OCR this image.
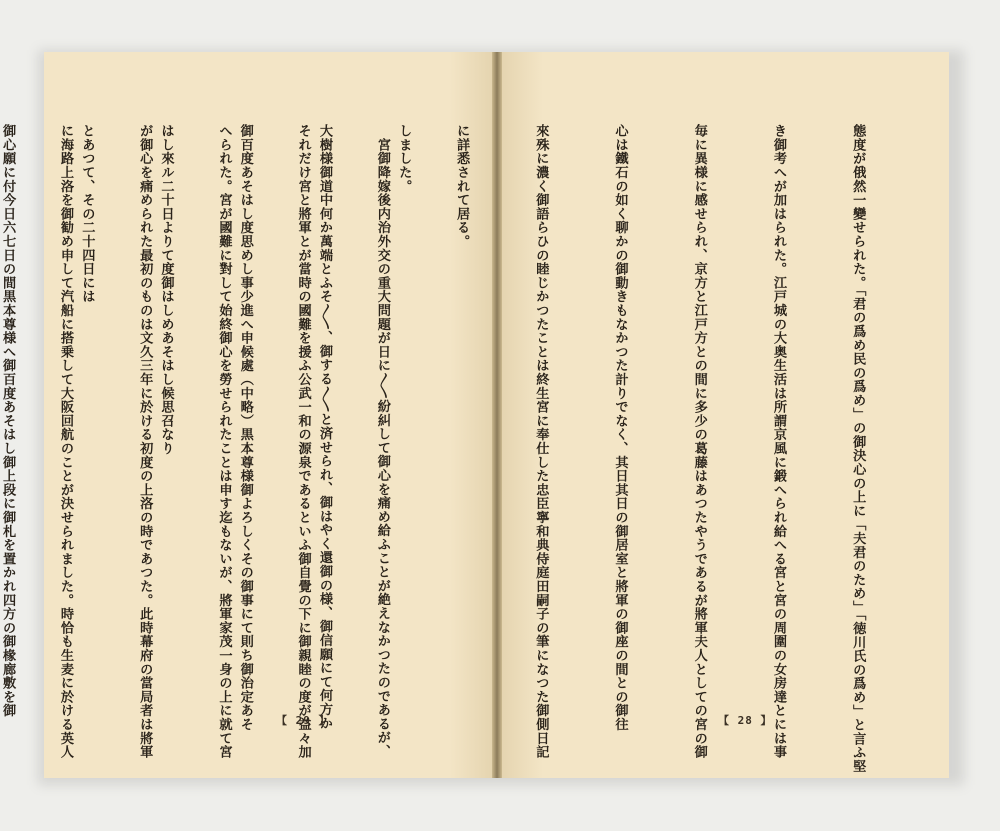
しました。

大樹様御道中何か萬端とふそ〳〵、御する〳〵と済せられ、御はやく還御の様、御信願にて何方か

御百度あそはし度思めし事少進へ申候處（中略）黒本尊様御よろしくその御事にて則ち御治定あそ

はし來ル二十日よりて度御はしめあそはし候思召なり

とあつて、その二十四日には

御心願に付今日六七日の間黒本尊様へ御百度あそはし御上段に御札を置かれ四方の御椽廊敷を御

【 29 】

	態度が俄然一變せられた。「君の爲め民の爲め」の御決心の上に「夫君のため」「徳川氏の爲め」と言ふ堅

き御考へが加はられた。江戸城の大奥生活は所謂京風に鍛へられ給へる宮と宮の周圍の女房達とには事

毎に異様に感せられ、京方と江戸方との間に多少の葛藤はあつたやうであるが將軍夫人としての宮の御

心は鐵石の如く聊かの御動きもなかつた計りでなく、其日其日の御居室と將軍の御座の間との御往

來殊に濃く御語らひの睦じかつたことは終生宮に奉仕した忠臣寧和典侍庭田嗣子の筆になつた御側日記

に詳悉されて居る。

　宮御降嫁後内治外交の重大問題が日に〳〵紛糾して御心を痛め給ふことが絶えなかつたのであるが、

それだけ宮と將軍とが當時の國難を援ふ公武一和の源泉であるといふ御自覺の下に御親睦の度が益々加

へられた。宮が國難に對して始終御心を勞せられたことは申す迄もないが、將軍家茂一身の上に就て宮

が御心を痛められた最初のものは文久三年に於ける初度の上洛の時であつた。此時幕府の當局者は將軍

に海路上洛を御勧め申して汽船に搭乗して大阪回航のことが決せられました。時恰も生麦に於ける英人

	【 28 】
